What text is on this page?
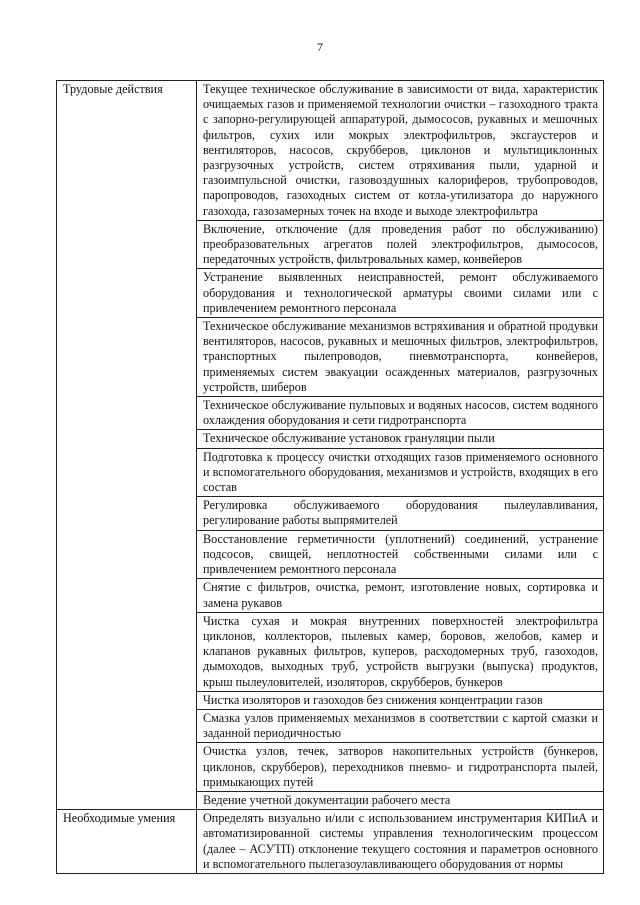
7
Трудовые действия	Текущее техническое обслуживание в зависимости от вида, характеристик очищаемых газов и применяемой технологии очистки – газоходного тракта с запорно-регулирующей аппаратурой, дымососов, рукавных и мешочных фильтров, сухих или мокрых электрофильтров, эксгаустеров и вентиляторов, насосов, скрубберов, циклонов и мультициклонных разгрузочных устройств, систем отряхивания пыли, ударной и газоимпульсной очистки, газовоздушных калориферов, трубопроводов, паропроводов, газоходных систем от котла-утилизатора до наружного газохода, газозамерных точек на входе и выходе электрофильтра
	Включение, отключение (для проведения работ по обслуживанию) преобразовательных агрегатов полей электрофильтров, дымососов, передаточных устройств, фильтровальных камер, конвейеров
	Устранение выявленных неисправностей, ремонт обслуживаемого оборудования и технологической арматуры своими силами или с привлечением ремонтного персонала
	Техническое обслуживание механизмов встряхивания и обратной продувки вентиляторов, насосов, рукавных и мешочных фильтров, электрофильтров, транспортных пылепроводов, пневмотранспорта, конвейеров, применяемых систем эвакуации осажденных материалов, разгрузочных устройств, шиберов
	Техническое обслуживание пульповых и водяных насосов, систем водяного охлаждения оборудования и сети гидротранспорта
	Техническое обслуживание установок грануляции пыли
	Подготовка к процессу очистки отходящих газов применяемого основного и вспомогательного оборудования, механизмов и устройств, входящих в его состав
	Регулировка обслуживаемого оборудования пылеулавливания, регулирование работы выпрямителей
	Восстановление герметичности (уплотнений) соединений, устранение подсосов, свищей, неплотностей собственными силами или с привлечением ремонтного персонала
	Снятие с фильтров, очистка, ремонт, изготовление новых, сортировка и замена рукавов
	Чистка сухая и мокрая внутренних поверхностей электрофильтра циклонов, коллекторов, пылевых камер, боровов, желобов, камер и клапанов рукавных фильтров, куперов, расходомерных труб, газоходов, дымоходов, выходных труб, устройств выгрузки (выпуска) продуктов, крыш пылеуловителей, изоляторов, скрубберов, бункеров
	Чистка изоляторов и газоходов без снижения концентрации газов
	Смазка узлов применяемых механизмов в соответствии с картой смазки и заданной периодичностью
	Очистка узлов, течек, затворов накопительных устройств (бункеров, циклонов, скрубберов), переходников пневмо- и гидротранспорта пылей, примыкающих путей
	Ведение учетной документации рабочего места
Необходимые умения	Определять визуально и/или с использованием инструментария КИПиА и автоматизированной системы управления технологическим процессом (далее – АСУТП) отклонение текущего состояния и параметров основного и вспомогательного пылегазоулавливающего оборудования от нормы
